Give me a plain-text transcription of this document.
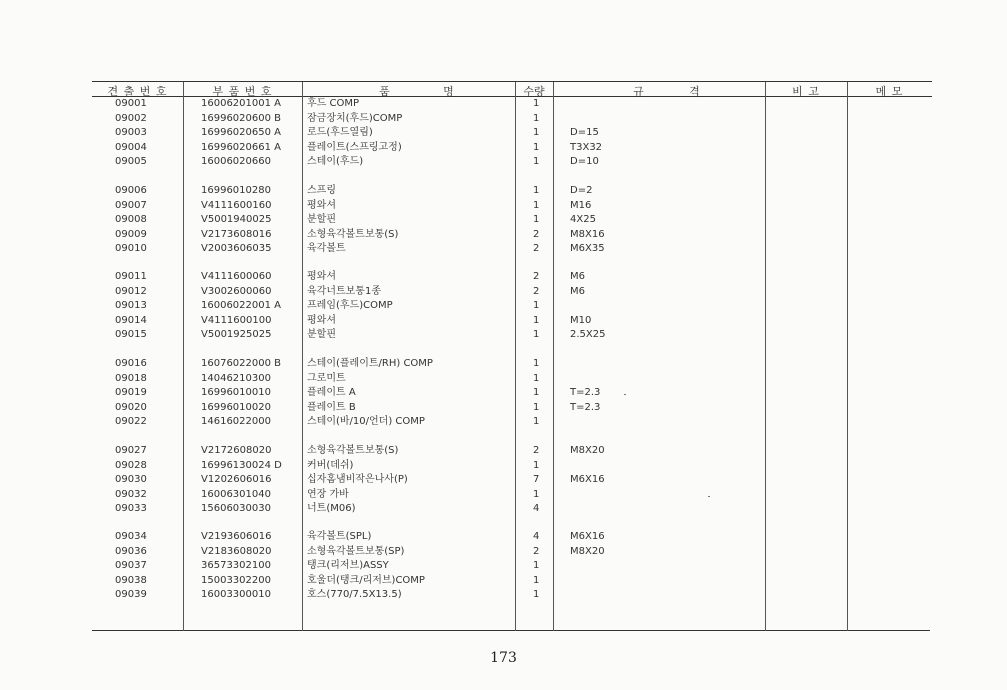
견 출 번 호	부 품 번 호	품	명	수량	규	격	비 고	메 모
09001	16006201001 A	후드 COMP	1
09002	16996020600 B	잠금장치(후드)COMP	1
09003	16996020650 A	로드(후드열림)	1	D=15
09004	16996020661 A	플레이트(스프링고정)	1	T3X32
09005	16006020660	스테이(후드)	1	D=10
09006	16996010280	스프링	1	D=2
09007	V4111600160	평와셔	1	M16
09008	V5001940025	분할핀	1	4X25
09009	V2173608016	소형육각볼트보통(S)	2	M8X16
09010	V2003606035	육각볼트	2	M6X35
09011	V4111600060	평와셔	2	M6
09012	V3002600060	육각너트보통1종	2	M6
09013	16006022001 A	프레임(후드)COMP	1
09014	V4111600100	평와셔	1	M10
09015	V5001925025	분할핀	1	2.5X25
09016	16076022000 B	스테이(플레이트/RH) COMP	1
09018	14046210300	그로미트	1
09019	16996010010	플레이트 A	1	T=2.3
09020	16996010020	플레이트 B	1	T=2.3
09022	14616022000	스테이(바/10/언더) COMP	1
09027	V2172608020	소형육각볼트보통(S)	2	M8X20
09028	16996130024 D	커버(데쉬)	1
09030	V1202606016	십자홈냄비작은나사(P)	7	M6X16
09032	16006301040	연장 가바	1
09033	15606030030	너트(M06)	4
09034	V2193606016	육각볼트(SPL)	4	M6X16
09036	V2183608020	소형육각볼트보통(SP)	2	M8X20
09037	36573302100	탱크(리저브)ASSY	1
09038	15003302200	호울더(탱크/리저브)COMP	1
09039	16003300010	호스(770/7.5X13.5)	1
173
